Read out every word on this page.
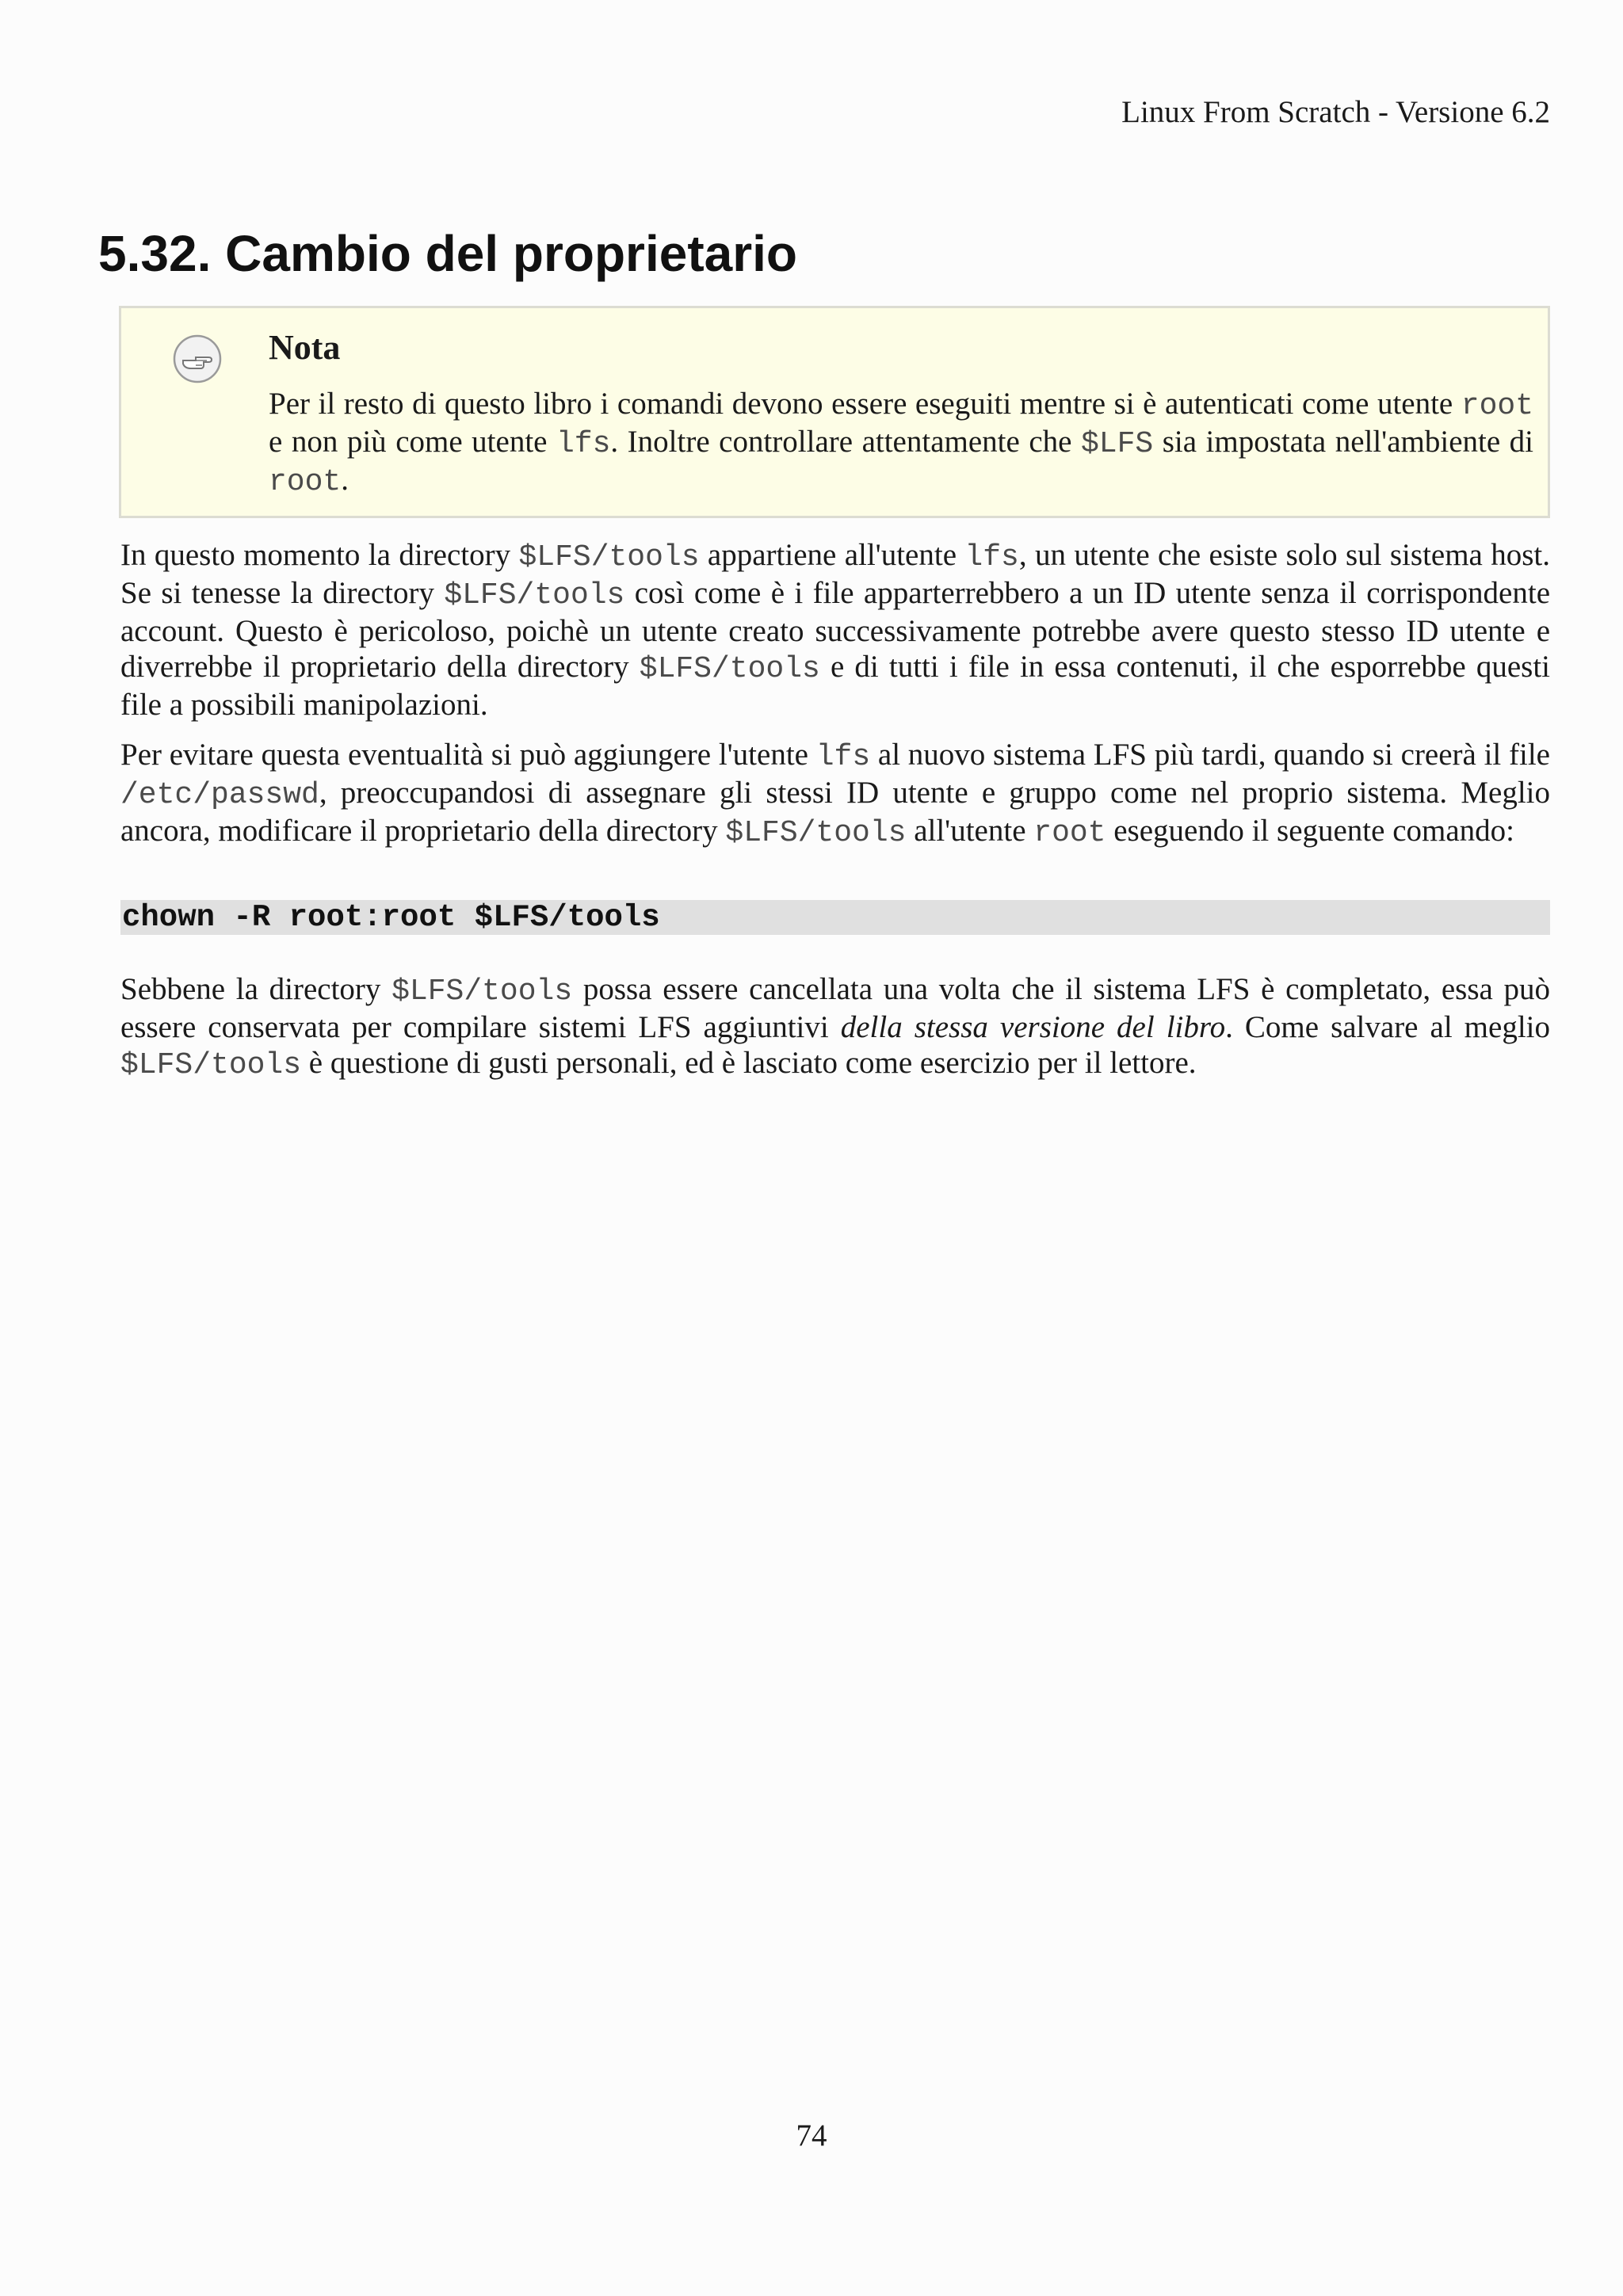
Linux From Scratch - Versione 6.2
5.32. Cambio del proprietario
Nota

Per il resto di questo libro i comandi devono essere eseguiti mentre si è autenticati come utente root e non più come utente lfs. Inoltre controllare attentamente che $LFS sia impostata nell'ambiente di root.

In questo momento la directory $LFS/tools appartiene all'utente lfs, un utente che esiste solo sul sistema host. Se si tenesse la directory $LFS/tools così come è i file apparterrebbero a un ID utente senza il corrispondente account. Questo è pericoloso, poichè un utente creato successivamente potrebbe avere questo stesso ID utente e diverrebbe il proprietario della directory $LFS/tools e di tutti i file in essa contenuti, il che esporrebbe questi file a possibili manipolazioni.

Per evitare questa eventualità si può aggiungere l'utente lfs al nuovo sistema LFS più tardi, quando si creerà il file /etc/passwd, preoccupandosi di assegnare gli stessi ID utente e gruppo come nel proprio sistema. Meglio ancora, modificare il proprietario della directory $LFS/tools all'utente root eseguendo il seguente comando:

chown -R root:root $LFS/tools

Sebbene la directory $LFS/tools possa essere cancellata una volta che il sistema LFS è completato, essa può essere conservata per compilare sistemi LFS aggiuntivi della stessa versione del libro. Come salvare al meglio $LFS/tools è questione di gusti personali, ed è lasciato come esercizio per il lettore.

74
